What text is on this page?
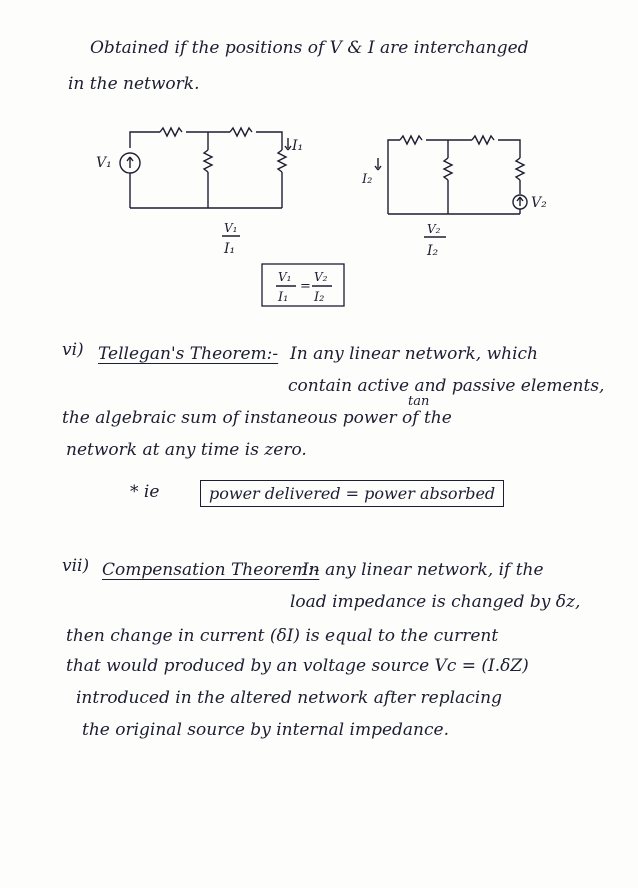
Obtained if the positions of V & I are interchanged
in the network.
V₁
I₁
I₂
V₂
V₁
I₁
V₂
I₂
V₁
I₁
=
V₂
I₂
vi) Tellegan's Theorem:- In any linear network, which
tan
contain active and passive elements,
the algebraic sum of instaneous power of the
network at any time is zero.
* ie	power delivered = power absorbed
vii) Compensation Theorem:-
In any linear network, if the
load impedance is changed by δz,
then change in current (δI) is equal to the current
that would produced by an voltage source Vc = (I.δZ)
introduced in the altered network after replacing
the original source by internal impedance.
